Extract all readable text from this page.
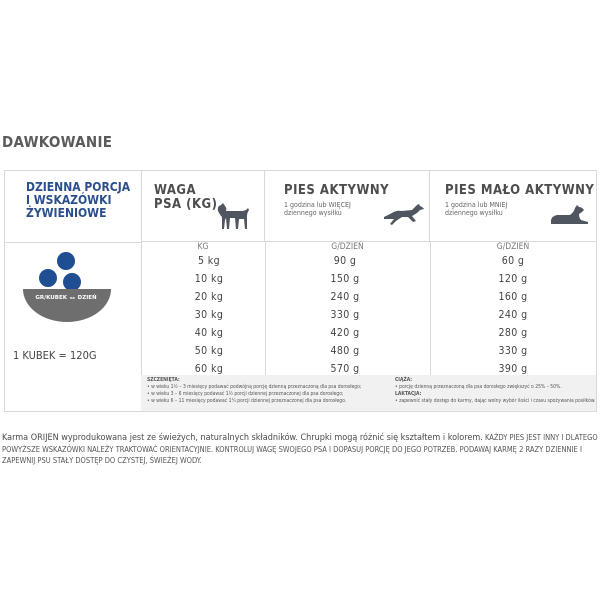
DAWKOWANIE
DZIENNA PORCJA
I WSKAZÓWKI
ŻYWIENIOWE
GR/KUBEK na DZIEŃ
1 KUBEK = 120G
WAGA
PSA (KG)
PIES AKTYWNY
1 godzina lub WIĘCEJ
dziennego wysiłku
PIES MAŁO AKTYWNY
1 godzina lub MNIEJ
dziennego wysiłku
KG	G/DZIEŃ	G/DZIEŃ
5 kg	90 g	60 g
10 kg	150 g	120 g
20 kg	240 g	160 g
30 kg	330 g	240 g
40 kg	420 g	280 g
50 kg	480 g	330 g
60 kg	570 g	390 g
SZCZENIĘTA:
• w wieku 1½ – 3 miesięcy podawać podwójną porcję dzienną przeznaczoną dla psa dorosłego;
• w wieku 3 – 6 miesięcy podawać 1½ porcji dziennej przeznaczonej dla psa dorosłego;
• w wieku 6 – 11 miesięcy podawać 1¼ porcji dziennej przeznaczonej dla psa dorosłego.
CIĄŻA:
• porcję dzienną przeznaczoną dla psa dorosłego zwiększyć o 25% – 50%.
LAKTACJA:
• zapewnić stały dostęp do karmy, dając wolny wybór ilości i czasu spożywania posiłków.
Karma ORIJEN wyprodukowana jest ze świeżych, naturalnych składników. Chrupki mogą różnić się kształtem i kolorem. KAŻDY PIES JEST INNY I DLATEGO POWYŻSZE WSKAZÓWKI NALEŻY TRAKTOWAĆ ORIENTACYJNIE. KONTROLUJ WAGĘ SWOJEGO PSA I DOPASUJ PORCJĘ DO JEGO POTRZEB. PODAWAJ KARMĘ 2 RAZY DZIENNIE I ZAPEWNIJ PSU STAŁY DOSTĘP DO CZYSTEJ, ŚWIEŻEJ WODY.
